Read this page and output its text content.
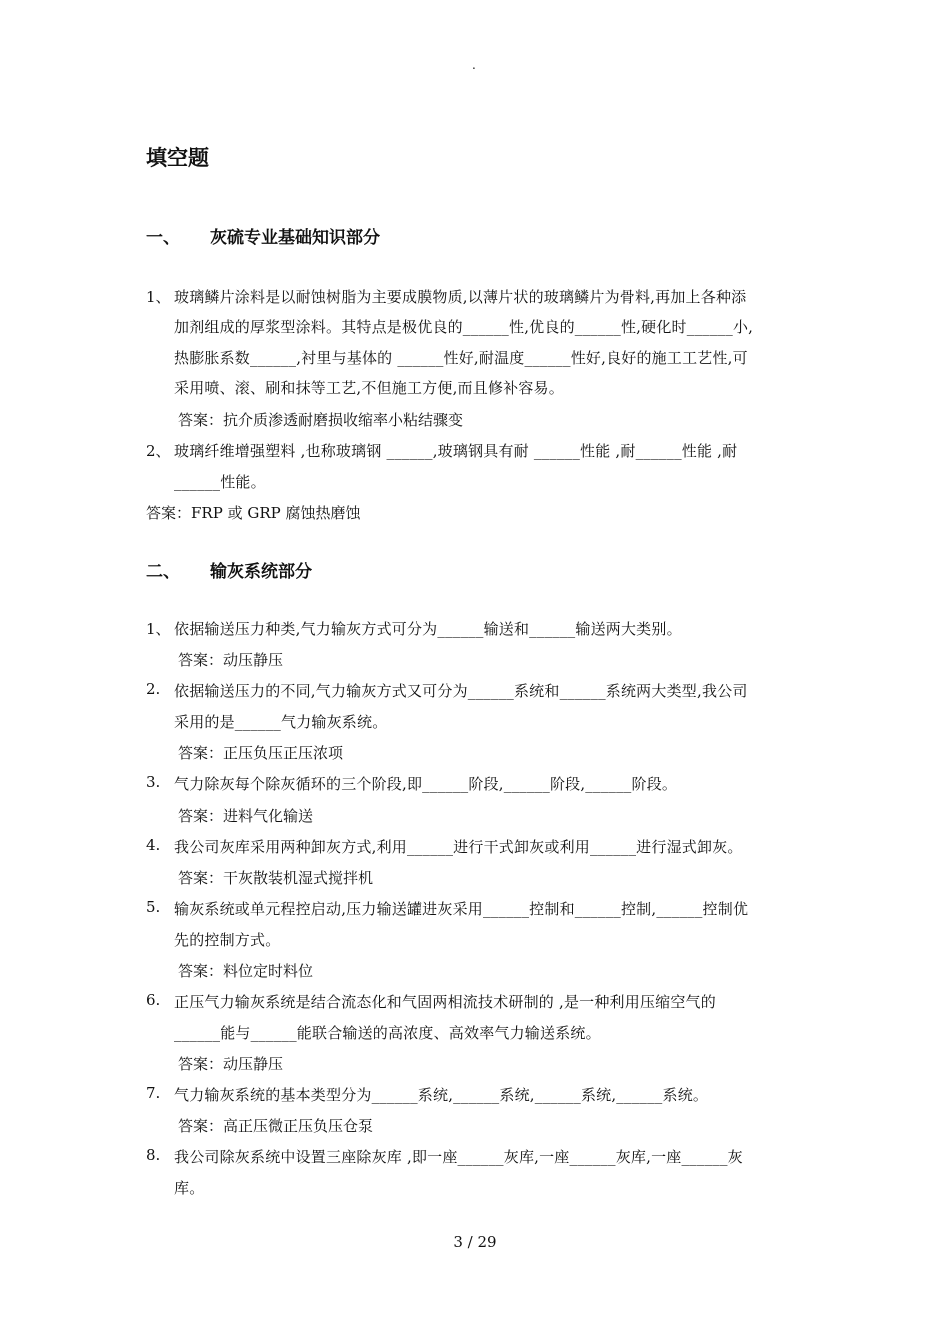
.
填空题
一、 灰硫专业基础知识部分
1、 玻璃鳞片涂料是以耐蚀树脂为主要成膜物质,以薄片状的玻璃鳞片为骨料,再加上各种添
加剂组成的厚浆型涂料。其特点是极优良的______性,优良的______性,硬化时______小,
热膨胀系数______,衬里与基体的 ______性好,耐温度______性好,良好的施工工艺性,可
采用喷、滚、刷和抹等工艺,不但施工方便,而且修补容易。
答案：抗介质渗透耐磨损收缩率小粘结骤变
2、 玻璃纤维增强塑料 ,也称玻璃钢 ______,玻璃钢具有耐 ______性能 ,耐______性能 ,耐
______性能。
答案：FRP 或 GRP 腐蚀热磨蚀
二、 输灰系统部分
1、 依据输送压力种类,气力输灰方式可分为______输送和______输送两大类别。
答案：动压静压
2. 依据输送压力的不同,气力输灰方式又可分为______系统和______系统两大类型,我公司
采用的是______气力输灰系统。
答案：正压负压正压浓项
3. 气力除灰每个除灰循环的三个阶段,即______阶段,______阶段,______阶段。
答案：进料气化输送
4. 我公司灰库采用两种卸灰方式,利用______进行干式卸灰或利用______进行湿式卸灰。
答案：干灰散装机湿式搅拌机
5. 输灰系统或单元程控启动,压力输送罐进灰采用______控制和______控制,______控制优
先的控制方式。
答案：料位定时料位
6. 正压气力输灰系统是结合流态化和气固两相流技术研制的 ,是一种利用压缩空气的
______能与______能联合输送的高浓度、高效率气力输送系统。
答案：动压静压
7. 气力输灰系统的基本类型分为______系统,______系统,______系统,______系统。
答案：高正压微正压负压仓泵
8. 我公司除灰系统中设置三座除灰库 ,即一座______灰库,一座______灰库,一座______灰
库。
3 / 29
